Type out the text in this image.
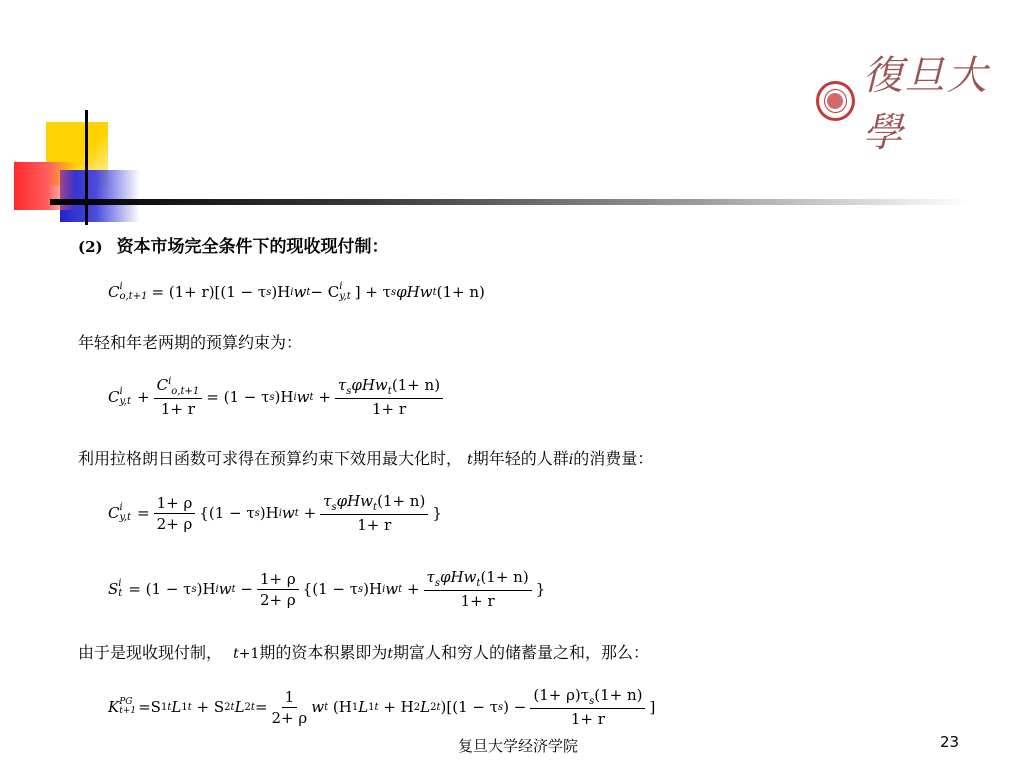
復旦大學
(2) 资本市场完全条件下的现收现付制：
C i
o,t+1 = (1+ r)[(1 − τ s )H i w t − C i
y,t ] + τ s φHw t (1+ n)
年轻和年老两期的预算约束为：
C i
$y,t + \frac{C^i_{o,t+1}}{1+ r} = (1 - \tau$ s )H i w $t + \frac{\tau_s\varphi Hw_t(1+ n)}{1+ r}$
利用拉格朗日函数可求得在预算约束下效用最大化时， t期年轻的人群i的消费量：
C i
$y,t = \frac{1+ \rho}{2+ \rho} \{(1 - \tau$ s )H i w $t + \frac{\tau_s\varphi Hw_t(1+ n)}{1+ r}$ }
S i
t = (1 − τ s )H i w t
− $\frac{1+ \rho}{2+ \rho} \{(1 - \tau$ s )H i w $t + \frac{\tau_s\varphi Hw_t(1+ n)}{1+ r}$ }
由于是现收现付制， t+1期的资本积累即为t期富人和穷人的储蓄量之和，那么：
K PG
t+1 =S 1 t L 1 t
+ S 2 t L 2 $t = \frac{1}{2+ \rho}$ w t
(H 1 L 1 t
+ H 2 L 2 t )[(1 − τ s ) − $\frac{(1+ \rho)\tau_s(1+ n)}{1+ r}$ ]
复旦大学经济学院	23
